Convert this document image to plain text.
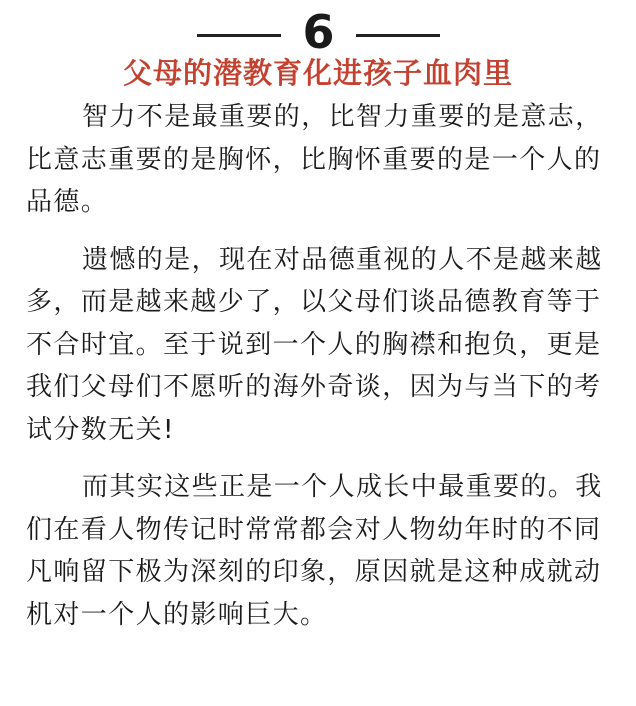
6
父母的潜教育化进孩子血肉里

智力不是最重要的，比智力重要的是意志，比意志重要的是胸怀，比胸怀重要的是一个人的品德。

遗憾的是，现在对品德重视的人不是越来越多，而是越来越少了，以父母们谈品德教育等于不合时宜。至于说到一个人的胸襟和抱负，更是我们父母们不愿听的海外奇谈，因为与当下的考试分数无关!

而其实这些正是一个人成长中最重要的。我们在看人物传记时常常都会对人物幼年时的不同凡响留下极为深刻的印象，原因就是这种成就动机对一个人的影响巨大。
